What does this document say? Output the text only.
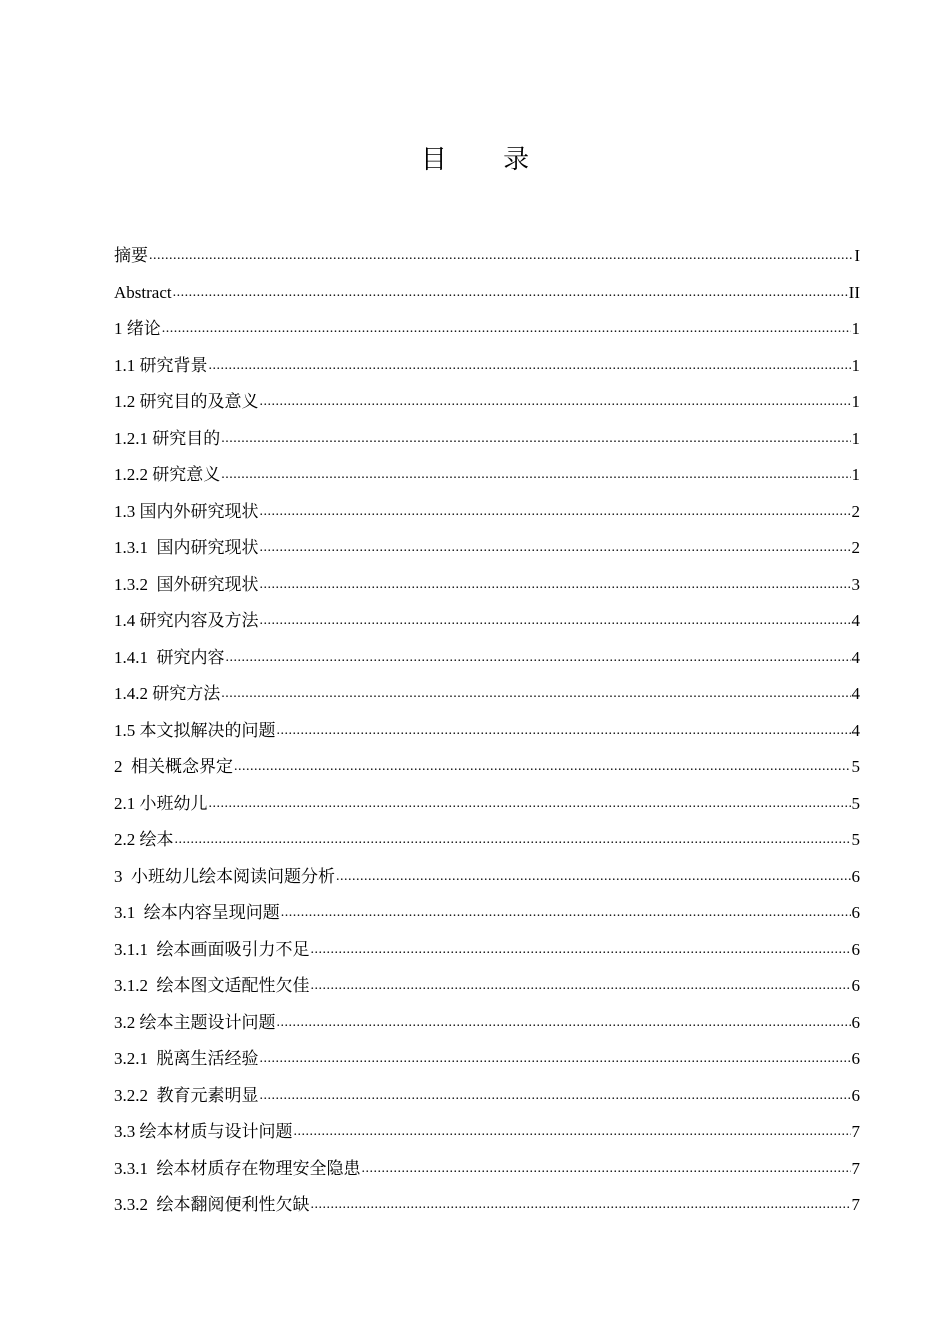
目 录
摘要 .....	I
Abstract .....	II
1 绪论 .....	1
1.1 研究背景 .....	1
1.2 研究目的及意义 .....	1
1.2.1 研究目的 .....	1
1.2.2 研究意义 .....	1
1.3 国内外研究现状 .....	2
1.3.1  国内研究现状 .....	2
1.3.2  国外研究现状 .....	3
1.4 研究内容及方法 .....	4
1.4.1  研究内容 .....	4
1.4.2 研究方法 .....	4
1.5 本文拟解决的问题 .....	4
2  相关概念界定 .....	5
2.1 小班幼儿 .....	5
2.2 绘本 .....	5
3  小班幼儿绘本阅读问题分析 .....	6
3.1  绘本内容呈现问题 .....	6
3.1.1  绘本画面吸引力不足 .....	6
3.1.2  绘本图文适配性欠佳 .....	6
3.2 绘本主题设计问题 .....	6
3.2.1  脱离生活经验 .....	6
3.2.2  教育元素明显 .....	6
3.3 绘本材质与设计问题 .....	7
3.3.1  绘本材质存在物理安全隐患 .....	7
3.3.2  绘本翻阅便利性欠缺 .....	7
